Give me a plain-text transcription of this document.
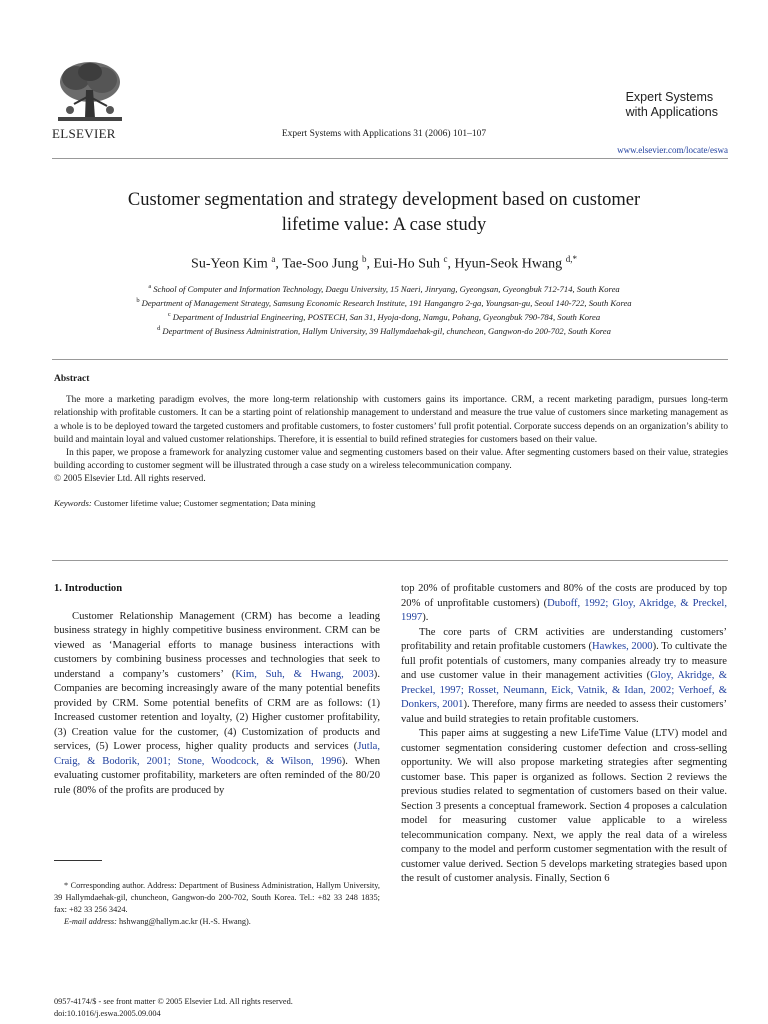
ELSEVIER	Expert Systems with Applications 31 (2006) 101–107
Expert Systems
with Applications
www.elsevier.com/locate/eswa
Customer segmentation and strategy development based on customer
lifetime value: A case study
Su-Yeon Kim $^a$, Tae-Soo Jung $^b$, Eui-Ho Suh $^c$, Hyun-Seok Hwang $^{d,*}$
$^a$ School of Computer and Information Technology, Daegu University, 15 Naeri, Jinryang, Gyeongsan, Gyeongbuk 712-714, South Korea
$^b$ Department of Management Strategy, Samsung Economic Research Institute, 191 Hangangro 2-ga, Youngsan-gu, Seoul 140-722, South Korea
$^c$ Department of Industrial Engineering, POSTECH, San 31, Hyoja-dong, Namgu, Pohang, Gyeongbuk 790-784, South Korea
$^d$ Department of Business Administration, Hallym University, 39 Hallymdaehak-gil, chuncheon, Gangwon-do 200-702, South Korea
Abstract

The more a marketing paradigm evolves, the more long-term relationship with customers gains its importance. CRM, a recent marketing paradigm, pursues long-term relationship with profitable customers. It can be a starting point of relationship management to understand and measure the true value of customers since marketing management as a whole is to be deployed toward the targeted customers and profitable customers, to foster customers’ full profit potential. Corporate success depends on an organization’s ability to build and maintain loyal and valued customer relationships. Therefore, it is essential to build refined strategies for customers based on their value.

In this paper, we propose a framework for analyzing customer value and segmenting customers based on their value. After segmenting customers based on their value, strategies building according to customer segment will be illustrated through a case study on a wireless telecommunication company.

© 2005 Elsevier Ltd. All rights reserved.

Keywords: Customer lifetime value; Customer segmentation; Data mining
1. Introduction

Customer Relationship Management (CRM) has become a leading business strategy in highly competitive business environment. CRM can be viewed as ‘Managerial efforts to manage business interactions with customers by combining business processes and technologies that seek to understand a company’s customers’ (Kim, Suh, & Hwang, 2003). Companies are becoming increasingly aware of the many potential benefits provided by CRM. Some potential benefits of CRM are as follows: (1) Increased customer retention and loyalty, (2) Higher customer profitability, (3) Creation value for the customer, (4) Customization of products and services, (5) Lower process, higher quality products and services (Jutla, Craig, & Bodorik, 2001; Stone, Woodcock, & Wilson, 1996). When evaluating customer profitability, marketers are often reminded of the 80/20 rule (80% of the profits are produced by

top 20% of profitable customers and 80% of the costs are produced by top 20% of unprofitable customers) (Duboff, 1992; Gloy, Akridge, & Preckel, 1997).

The core parts of CRM activities are understanding customers’ profitability and retain profitable customers (Hawkes, 2000). To cultivate the full profit potentials of customers, many companies already try to measure and use customer value in their management activities (Gloy, Akridge, & Preckel, 1997; Rosset, Neumann, Eick, Vatnik, & Idan, 2002; Verhoef, & Donkers, 2001). Therefore, many firms are needed to assess their customers’ value and build strategies to retain profitable customers.

This paper aims at suggesting a new LifeTime Value (LTV) model and customer segmentation considering customer defection and cross-selling opportunity. We will also propose marketing strategies after segmenting customer base. This paper is organized as follows. Section 2 reviews the previous studies related to segmentation of customers based on their value. Section 3 presents a conceptual framework. Section 4 proposes a calculation model for measuring customer value applicable to a wireless telecommunication company. Next, we apply the real data of a wireless company to the model and perform customer segmentation with the result of customer value derived. Section 5 develops marketing strategies based upon the result of customer analysis. Finally, Section 6

* Corresponding author. Address: Department of Business Administration, Hallym University, 39 Hallymdaehak-gil, chuncheon, Gangwon-do 200-702, South Korea. Tel.: +82 33 248 1835; fax: +82 33 256 3424.

E-mail address: hshwang@hallym.ac.kr (H.-S. Hwang).

0957-4174/$ - see front matter © 2005 Elsevier Ltd. All rights reserved.
doi:10.1016/j.eswa.2005.09.004
